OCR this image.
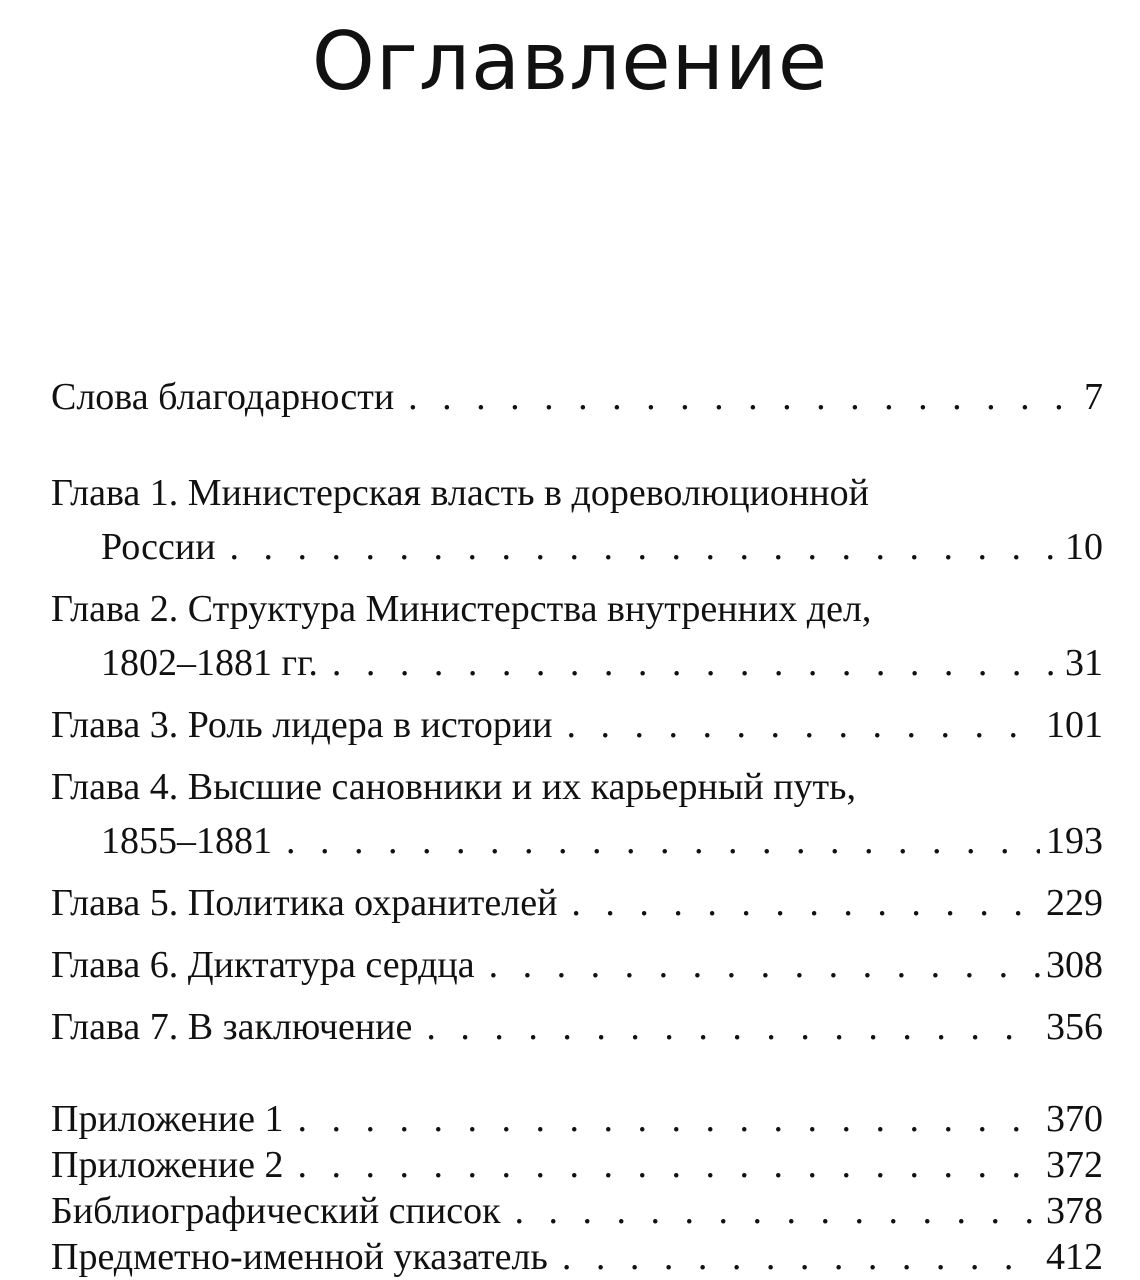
Оглавление
Слова благодарности . . .	7
Глава 1. Министерская власть в дореволюционной
России . . .	10
Глава 2. Структура Министерства внутренних дел,
1802–1881 гг. . . .	31
Глава 3. Роль лидера в истории . . .	101
Глава 4. Высшие сановники и их карьерный путь,
1855–1881 . . .	193
Глава 5. Политика охранителей . . .	229
Глава 6. Диктатура сердца . . .	308
Глава 7. В заключение . . .	356
Приложение 1 . . .	370
Приложение 2 . . .	372
Библиографический список . . .	378
Предметно-именной указатель . . .	412
